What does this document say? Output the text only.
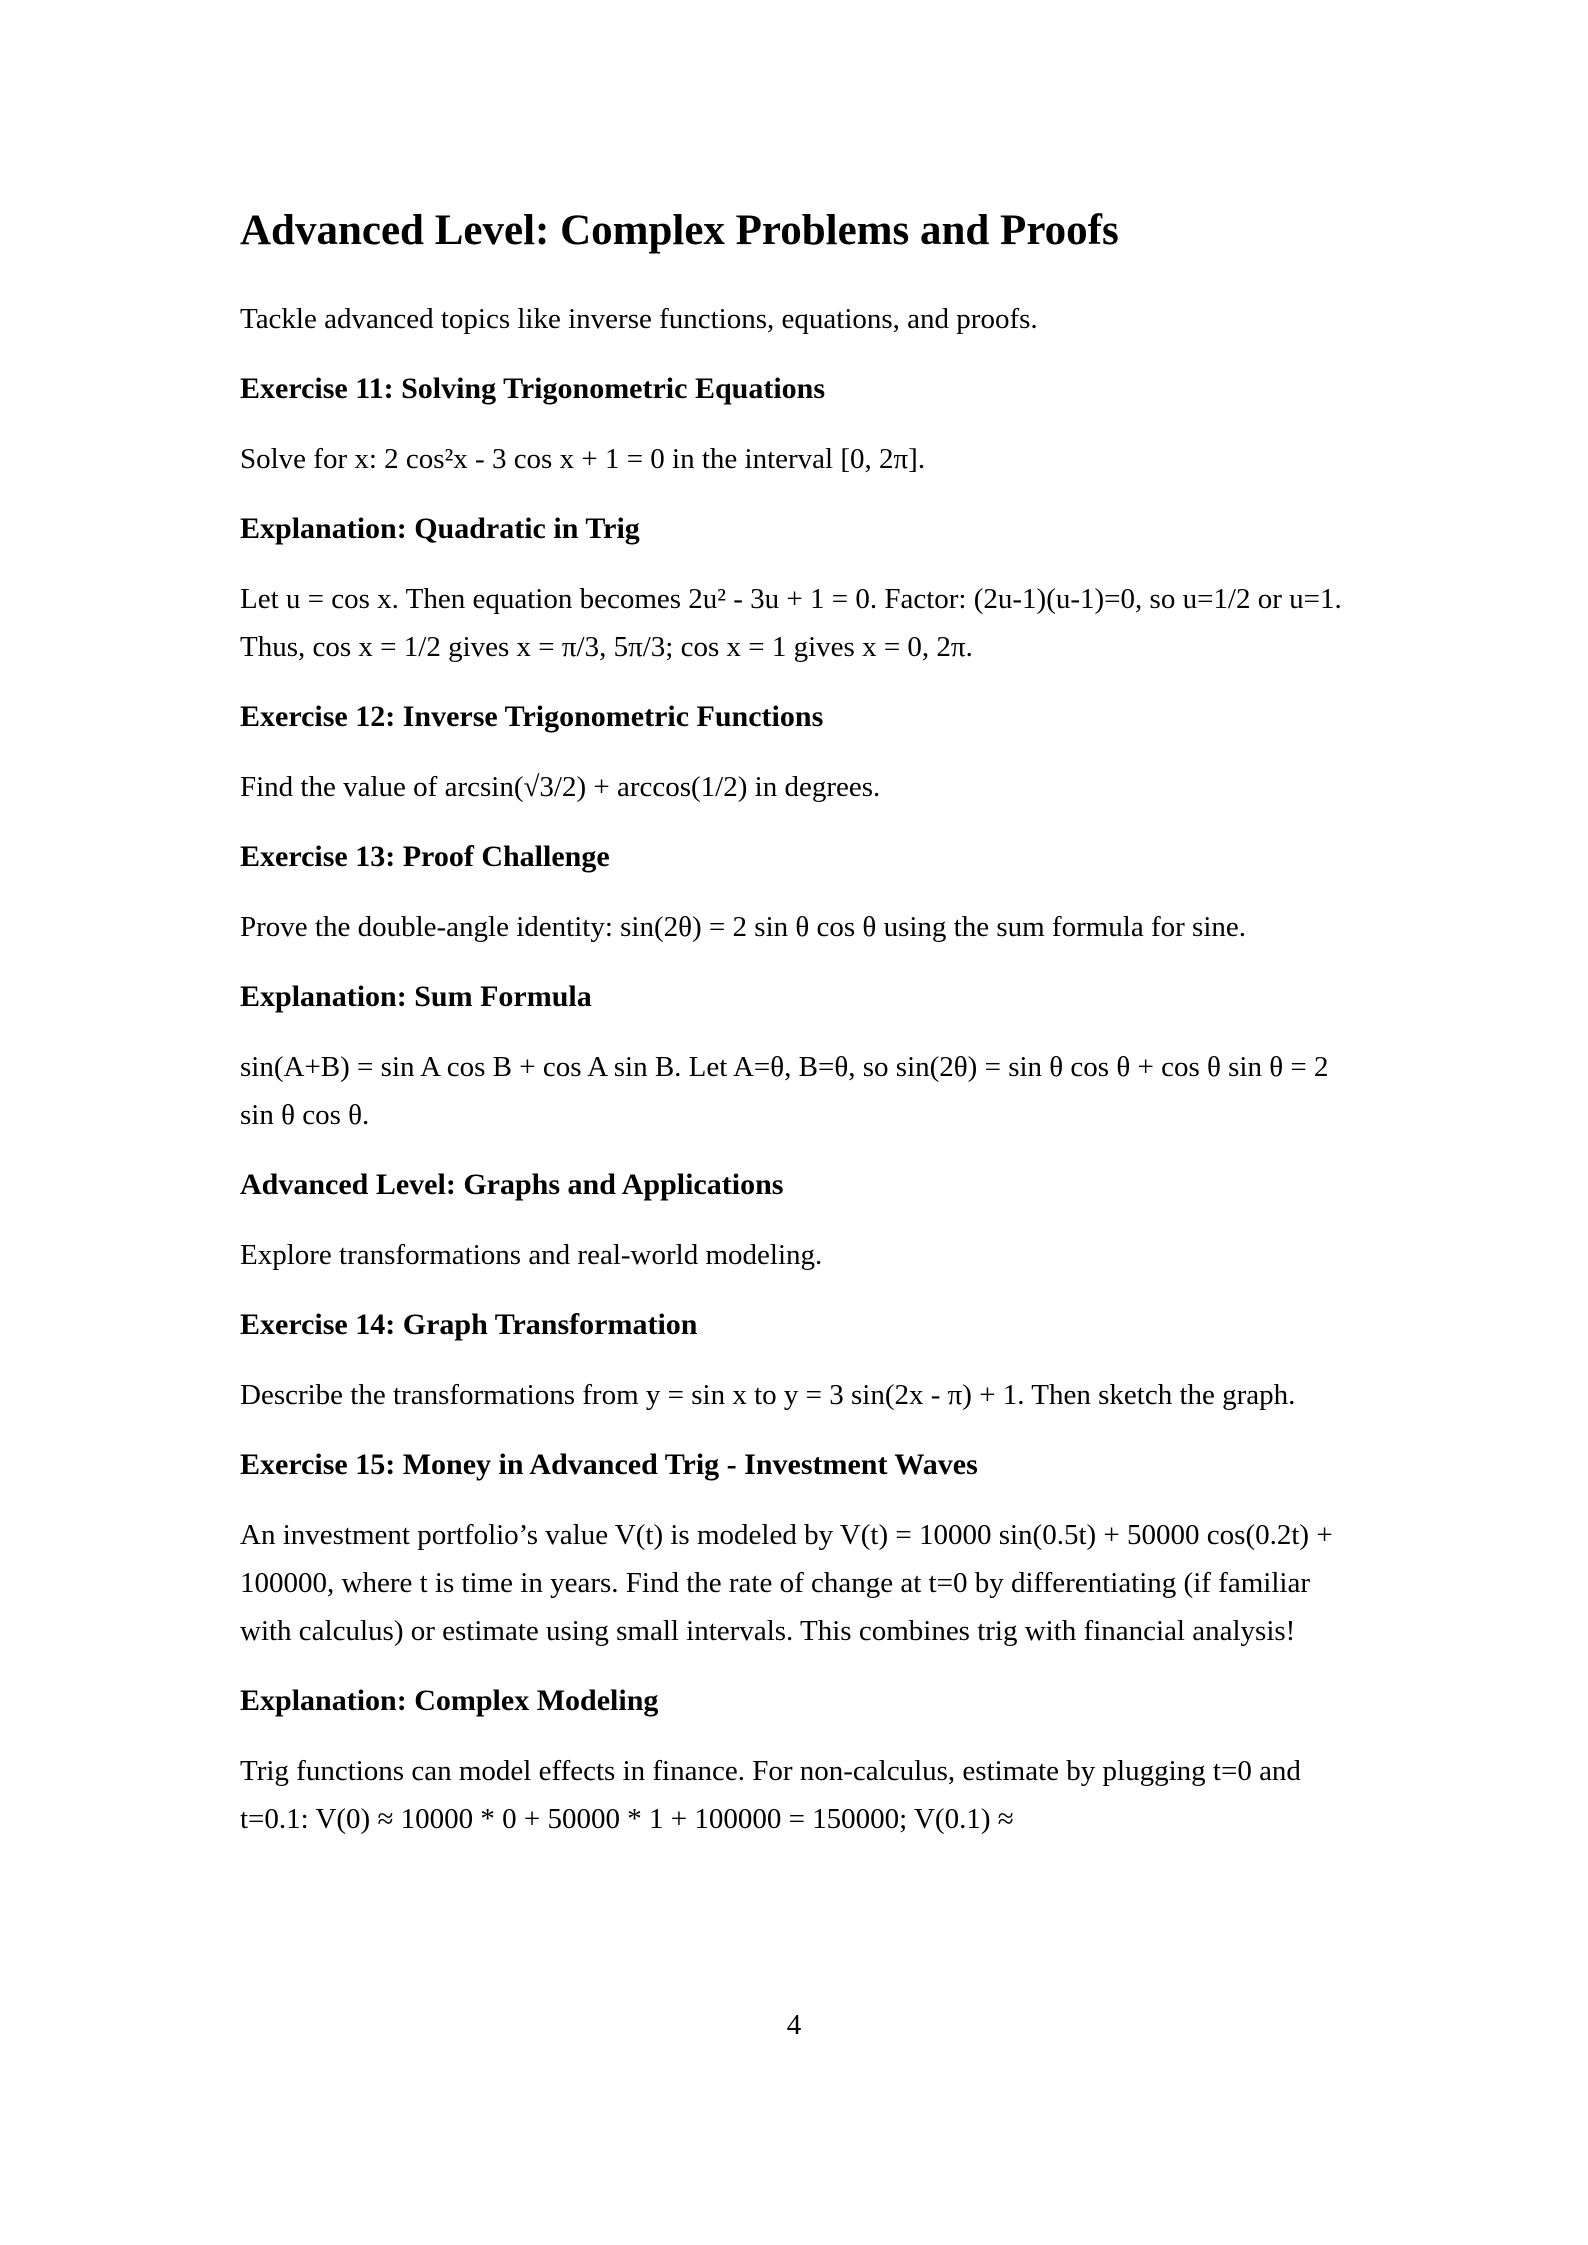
Advanced Level: Complex Problems and Proofs
Tackle advanced topics like inverse functions, equations, and proofs.
Exercise 11: Solving Trigonometric Equations
Solve for x: 2 cos²x - 3 cos x + 1 = 0 in the interval [0, 2π].
Explanation: Quadratic in Trig
Let u = cos x. Then equation becomes 2u² - 3u + 1 = 0. Factor: (2u-1)(u-1)=0, so u=1/2 or u=1. Thus, cos x = 1/2 gives x = π/3, 5π/3; cos x = 1 gives x = 0, 2π.
Exercise 12: Inverse Trigonometric Functions
Find the value of arcsin(√3/2) + arccos(1/2) in degrees.
Exercise 13: Proof Challenge
Prove the double-angle identity: sin(2θ) = 2 sin θ cos θ using the sum formula for sine.
Explanation: Sum Formula
sin(A+B) = sin A cos B + cos A sin B. Let A=θ, B=θ, so sin(2θ) = sin θ cos θ + cos θ sin θ = 2 sin θ cos θ.
Advanced Level: Graphs and Applications
Explore transformations and real-world modeling.
Exercise 14: Graph Transformation
Describe the transformations from y = sin x to y = 3 sin(2x - π) + 1. Then sketch the graph.
Exercise 15: Money in Advanced Trig - Investment Waves
An investment portfolio’s value V(t) is modeled by V(t) = 10000 sin(0.5t) + 50000 cos(0.2t) + 100000, where t is time in years. Find the rate of change at t=0 by differentiating (if familiar with calculus) or estimate using small intervals. This combines trig with financial analysis!
Explanation: Complex Modeling
Trig functions can model effects in finance. For non-calculus, estimate by plugging t=0 and t=0.1: V(0) ≈ 10000 * 0 + 50000 * 1 + 100000 = 150000; V(0.1) ≈
4
